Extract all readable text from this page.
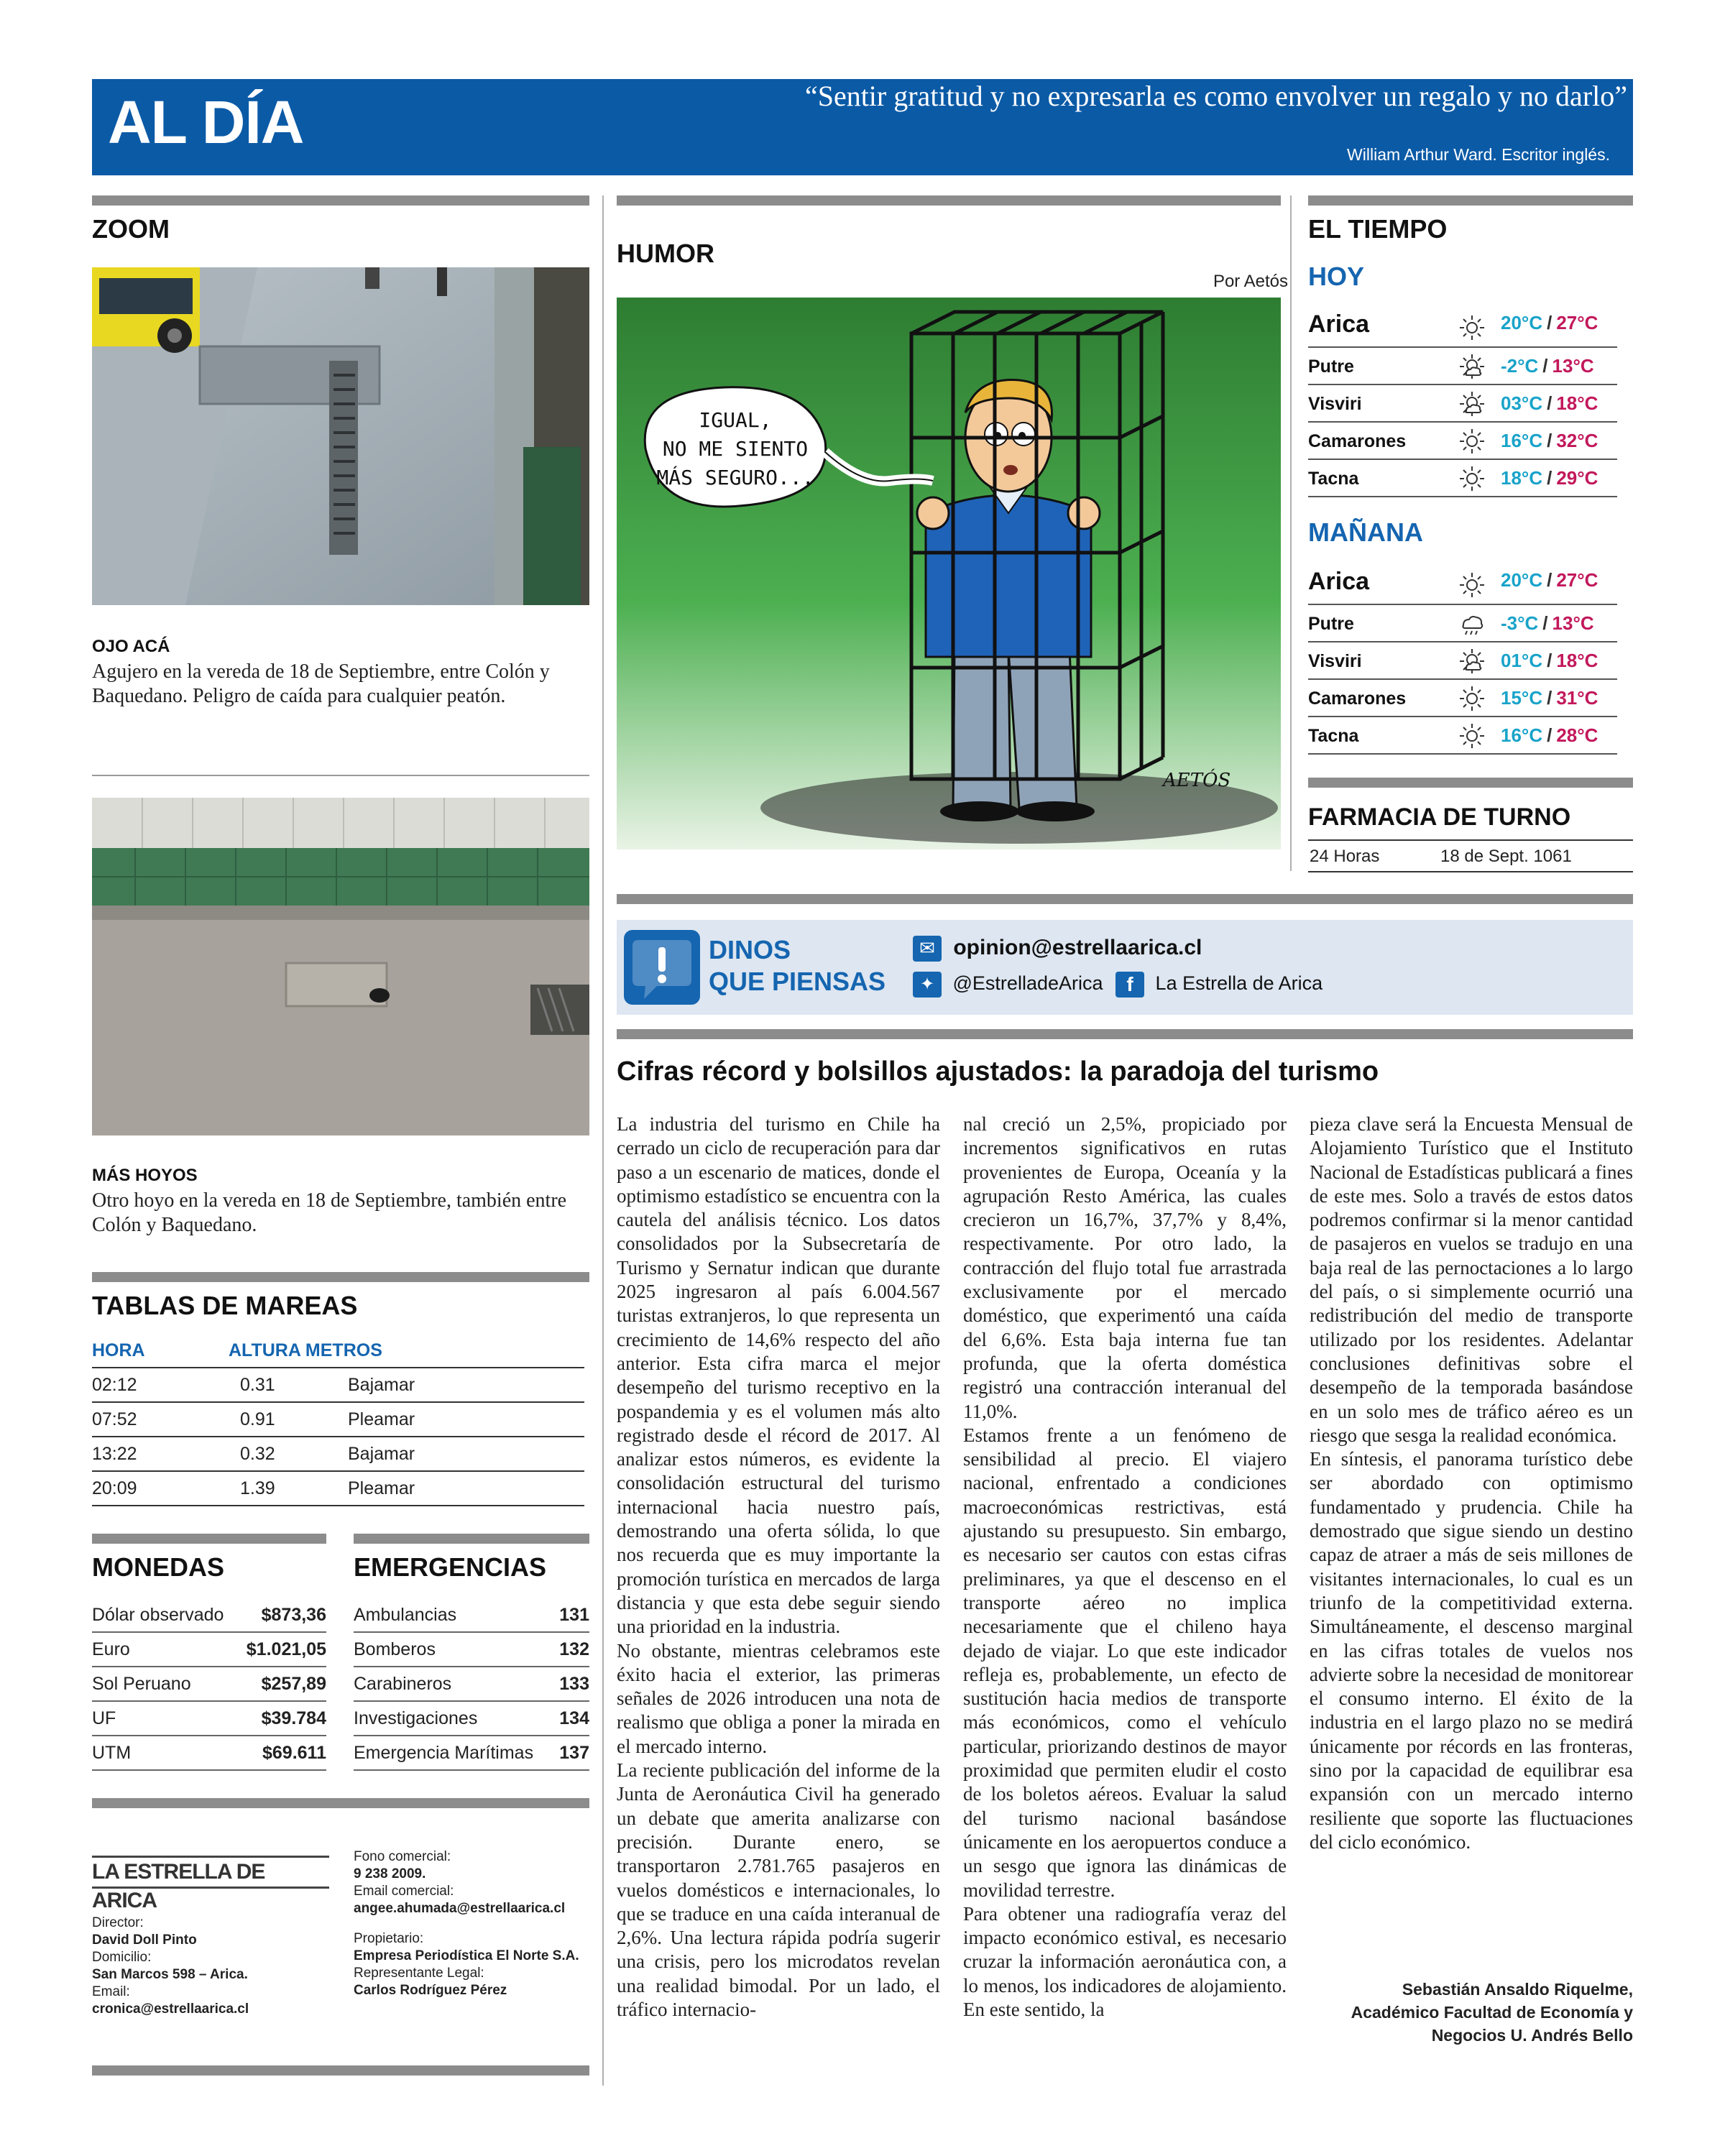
AL DÍA	“Sentir gratitud y no expresarla es como envolver un regalo y no darlo”
William Arthur Ward. Escritor inglés.
ZOOM
OJO ACÁ
Agujero en la vereda de 18 de Septiembre, entre Colón y Baquedano. Peligro de caída para cualquier peatón.
MÁS HOYOS
Otro hoyo en la vereda en 18 de Septiembre, también entre Colón y Baquedano.
TABLAS DE MAREAS
HORA	ALTURA METROS
02:12	0.31	Bajamar
07:52	0.91	Pleamar
13:22	0.32	Bajamar
20:09	1.39	Pleamar
MONEDAS	EMERGENCIAS
Dólar observado $873,36
Euro	$1.021,05
Sol Peruano	$257,89
UF	$39.784
UTM	$69.611
Ambulancias	131
Bomberos	132
Carabineros	133
Investigaciones	134
Emergencia Marítimas 137
LA ESTRELLA DE ARICA
Director:
David Doll Pinto
Domicilio:
San Marcos 598 – Arica.
Email:
cronica@estrellaarica.cl
Fono comercial:
9 238 2009.
Email comercial:
angee.ahumada@estrellaarica.cl
Propietario:
Empresa Periodística El Norte S.A.
Representante Legal:
Carlos Rodríguez Pérez
HUMOR
Por Aetós
IGUAL,
NO ME SIENTO
MÁS SEGURO...
AETÓS
DINOS
QUE PIENSAS
✉ opinion@estrellaarica.cl
✦ @EstrelladeArica f La Estrella de Arica
Cifras récord y bolsillos ajustados: la paradoja del turismo

La industria del turismo en Chile ha cerrado un ciclo de recuperación para dar paso a un escenario de matices, donde el optimismo estadístico se encuentra con la cautela del análisis técnico. Los datos consolidados por la Subsecretaría de Turismo y Sernatur indican que durante 2025 ingresaron al país 6.004.567 turistas extranjeros, lo que representa un crecimiento de 14,6% respecto del año anterior. Esta cifra marca el mejor desempeño del turismo receptivo en la pospandemia y es el volumen más alto registrado desde el récord de 2017. Al analizar estos números, es evidente la consolidación estructural del turismo internacional hacia nuestro país, demostrando una oferta sólida, lo que nos recuerda que es muy importante la promoción turística en mercados de larga distancia y que esta debe seguir siendo una prioridad en la industria.

No obstante, mientras celebramos este éxito hacia el exterior, las primeras señales de 2026 introducen una nota de realismo que obliga a poner la mirada en el mercado interno.

La reciente publicación del informe de la Junta de Aeronáutica Civil ha generado un debate que amerita analizarse con precisión. Durante enero, se transportaron 2.781.765 pasajeros en vuelos domésticos e internacionales, lo que se traduce en una caída interanual de 2,6%. Una lectura rápida podría sugerir una crisis, pero los microdatos revelan una realidad bimodal. Por un lado, el tráfico internacio-

nal creció un 2,5%, propiciado por incrementos significativos en rutas provenientes de Europa, Oceanía y la agrupación Resto América, las cuales crecieron un 16,7%, 37,7% y 8,4%, respectivamente. Por otro lado, la contracción del flujo total fue arrastrada exclusivamente por el mercado doméstico, que experimentó una caída del 6,6%. Esta baja interna fue tan profunda, que la oferta doméstica registró una contracción interanual del 11,0%.

Estamos frente a un fenómeno de sensibilidad al precio. El viajero nacional, enfrentado a condiciones macroeconómicas restrictivas, está ajustando su presupuesto. Sin embargo, es necesario ser cautos con estas cifras preliminares, ya que el descenso en el transporte aéreo no implica necesariamente que el chileno haya dejado de viajar. Lo que este indicador refleja es, probablemente, un efecto de sustitución hacia medios de transporte más económicos, como el vehículo particular, priorizando destinos de mayor proximidad que permiten eludir el costo de los boletos aéreos. Evaluar la salud del turismo nacional basándose únicamente en los aeropuertos conduce a un sesgo que ignora las dinámicas de movilidad terrestre.

Para obtener una radiografía veraz del impacto económico estival, es necesario cruzar la información aeronáutica con, a lo menos, los indicadores de alojamiento. En este sentido, la

pieza clave será la Encuesta Mensual de Alojamiento Turístico que el Instituto Nacional de Estadísticas publicará a fines de este mes. Solo a través de estos datos podremos confirmar si la menor cantidad de pasajeros en vuelos se tradujo en una baja real de las pernoctaciones a lo largo del país, o si simplemente ocurrió una redistribución del medio de transporte utilizado por los residentes. Adelantar conclusiones definitivas sobre el desempeño de la temporada basándose en un solo mes de tráfico aéreo es un riesgo que sesga la realidad económica.

En síntesis, el panorama turístico debe ser abordado con optimismo fundamentado y prudencia. Chile ha demostrado que sigue siendo un destino capaz de atraer a más de seis millones de visitantes internacionales, lo cual es un triunfo de la competitividad externa. Simultáneamente, el descenso marginal en las cifras totales de vuelos nos advierte sobre la necesidad de monitorear el consumo interno. El éxito de la industria en el largo plazo no se medirá únicamente por récords en las fronteras, sino por la capacidad de equilibrar esa expansión con un mercado interno resiliente que soporte las fluctuaciones del ciclo económico.

Sebastián Ansaldo Riquelme,
Académico Facultad de Economía y
Negocios U. Andrés Bello
EL TIEMPO
HOY
Arica	20°C / 27°C
Putre	-2°C / 13°C
Visviri	03°C / 18°C
Camarones	16°C / 32°C
Tacna	18°C / 29°C
MAÑANA
Arica	20°C / 27°C
Putre	-3°C / 13°C
Visviri	01°C / 18°C
Camarones	15°C / 31°C
Tacna	16°C / 28°C
FARMACIA DE TURNO
24 Horas	18 de Sept. 1061
